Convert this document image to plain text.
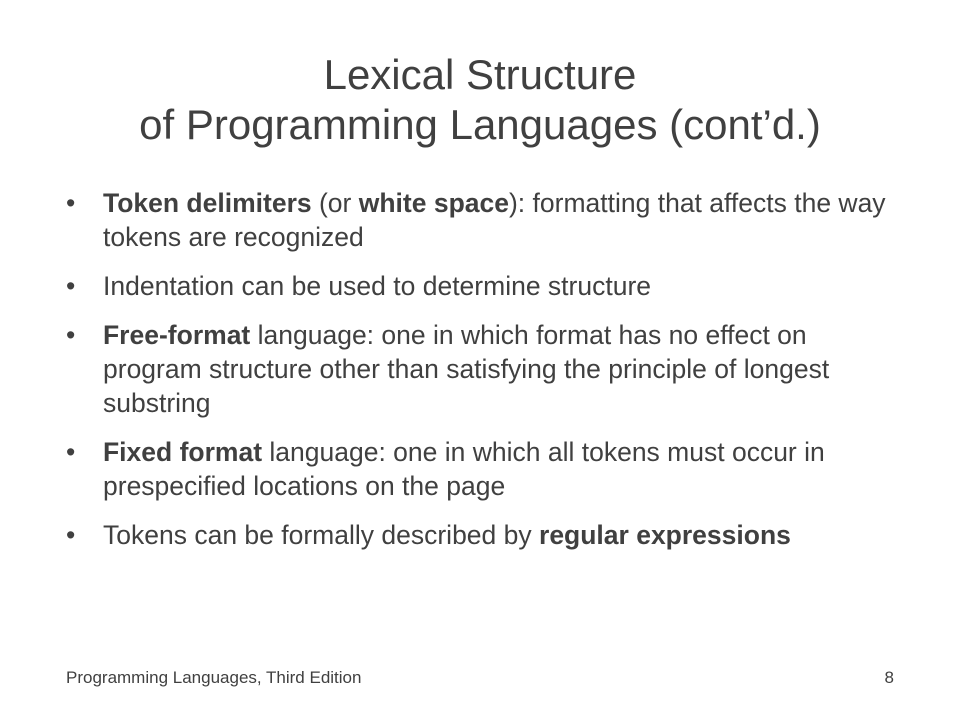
Lexical Structure
of Programming Languages (cont’d.)
• Token delimiters (or white space): formatting that affects the way tokens are recognized
• Indentation can be used to determine structure
• Free-format language: one in which format has no effect on program structure other than satisfying the principle of longest substring
• Fixed format language: one in which all tokens must occur in prespecified locations on the page
• Tokens can be formally described by regular expressions
Programming Languages, Third Edition	8
